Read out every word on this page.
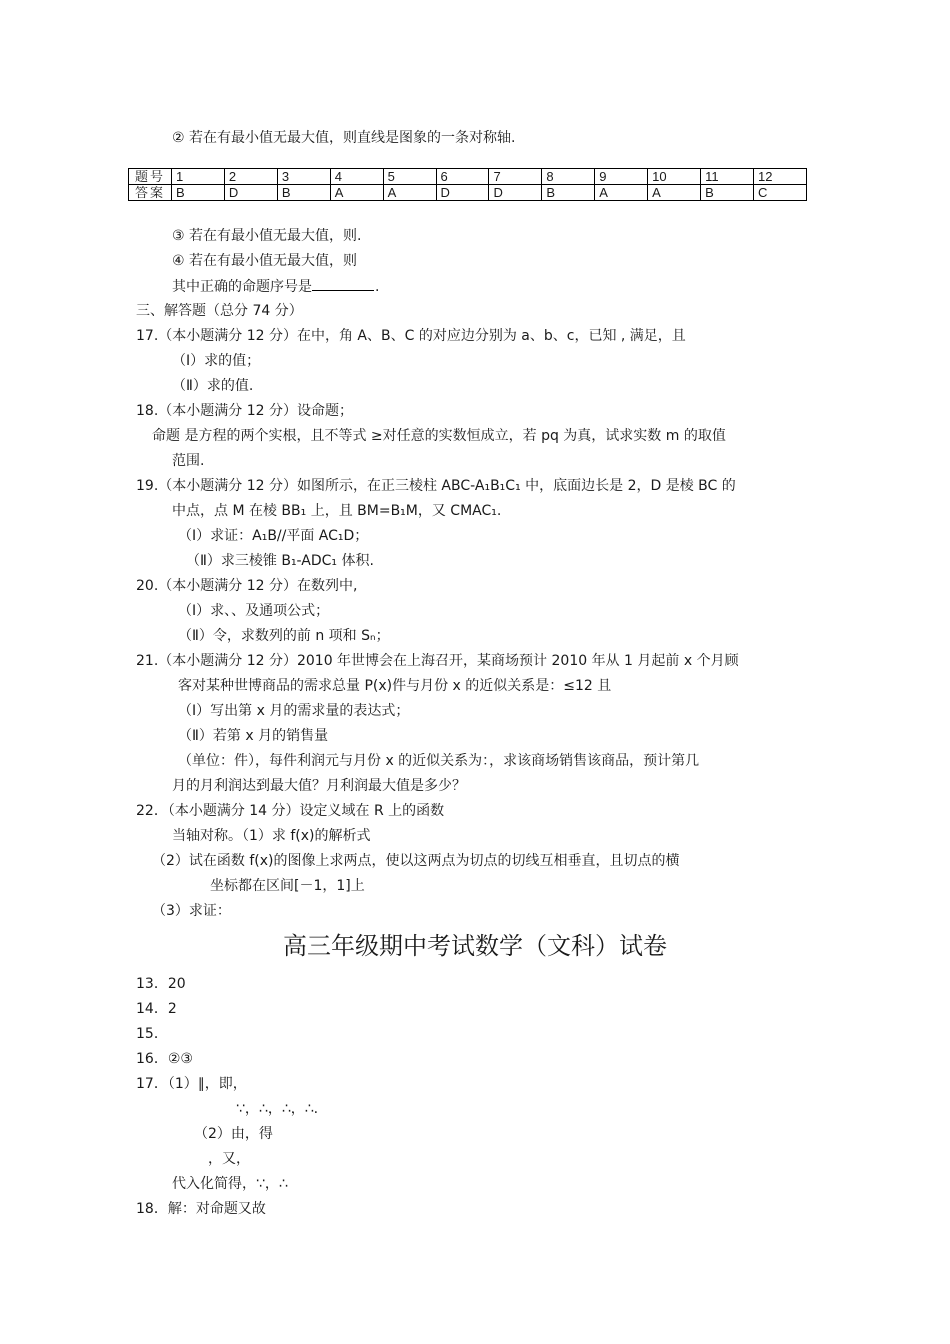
② 若在有最小值无最大值，则直线是图象的一条对称轴.
题号	1	2	3	4	5	6	7	8	9	10	11	12
答案	B	D	B	A	A	D	D	B	A	A	B	C
③ 若在有最小值无最大值，则.
④ 若在有最小值无最大值，则
其中正确的命题序号是	.
三、解答题（总分 74 分）
17.（本小题满分 12 分）在中，角 A、B、C 的对应边分别为 a、b、c，已知 , 满足，且
（Ⅰ）求的值；
（Ⅱ）求的值.
18.（本小题满分 12 分）设命题；
命题 是方程的两个实根，且不等式 ≥对任意的实数恒成立，若 pq 为真，试求实数 m 的取值
范围.
19.（本小题满分 12 分）如图所示，在正三棱柱 ABC-A₁B₁C₁ 中，底面边长是 2，D 是棱 BC 的
中点，点 M 在棱 BB₁ 上，且 BM=B₁M，又 CMAC₁.
（Ⅰ）求证：A₁B//平面 AC₁D；
（Ⅱ）求三棱锥 B₁-ADC₁ 体积.
20.（本小题满分 12 分）在数列中,
（Ⅰ）求、、及通项公式；
（Ⅱ）令，求数列的前 n 项和 Sₙ；
21.（本小题满分 12 分）2010 年世博会在上海召开，某商场预计 2010 年从 1 月起前 x 个月顾
客对某种世博商品的需求总量 P(x)件与月份 x 的近似关系是：≤12 且
（Ⅰ）写出第 x 月的需求量的表达式；
（Ⅱ）若第 x 月的销售量
（单位：件），每件利润元与月份 x 的近似关系为：，求该商场销售该商品，预计第几
月的月利润达到最大值？月利润最大值是多少？
22．（本小题满分 14 分）设定义域在 R 上的函数
当轴对称。（1）求 f(x)的解析式
（2）试在函数 f(x)的图像上求两点，使以这两点为切点的切线互相垂直，且切点的横
坐标都在区间[－1，1]上
（3）求证：
高三年级期中考试数学（文科）试卷
13．20
14．2
15．
16．②③
17．（1）∥，即，
∵，∴，∴，∴.
（2）由，得
，又，
代入化简得，∵，∴
18．解：对命题又故
